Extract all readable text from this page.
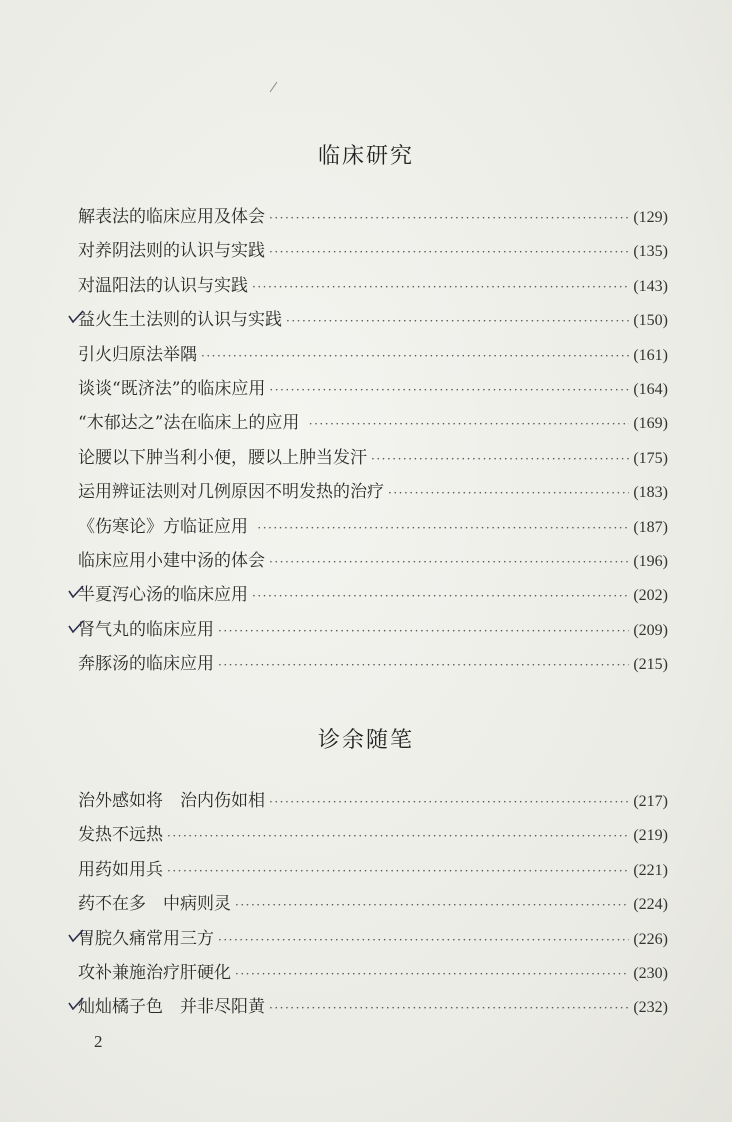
临床研究
解表法的临床应用及体会 ·····	(129)
对养阴法则的认识与实践 ·····	(135)
对温阳法的认识与实践 ·····	(143)
益火生土法则的认识与实践 ·····	(150)
引火归原法举隅 ·····	(161)
谈谈“既济法”的临床应用 ·····	(164)
“木郁达之”法在临床上的应用 ·····	(169)
论腰以下肿当利小便，腰以上肿当发汗 ·····	(175)
运用辨证法则对几例原因不明发热的治疗 ·····	(183)
《伤寒论》方临证应用 ·····	(187)
临床应用小建中汤的体会 ·····	(196)
半夏泻心汤的临床应用 ·····	(202)
肾气丸的临床应用 ·····	(209)
奔豚汤的临床应用 ·····	(215)
诊余随笔
治外感如将　治内伤如相 ·····	(217)
发热不远热 ·····	(219)
用药如用兵 ·····	(221)
药不在多　中病则灵 ·····	(224)
胃脘久痛常用三方 ·····	(226)
攻补兼施治疗肝硬化 ·····	(230)
灿灿橘子色　并非尽阳黄 ·····	(232)
2
